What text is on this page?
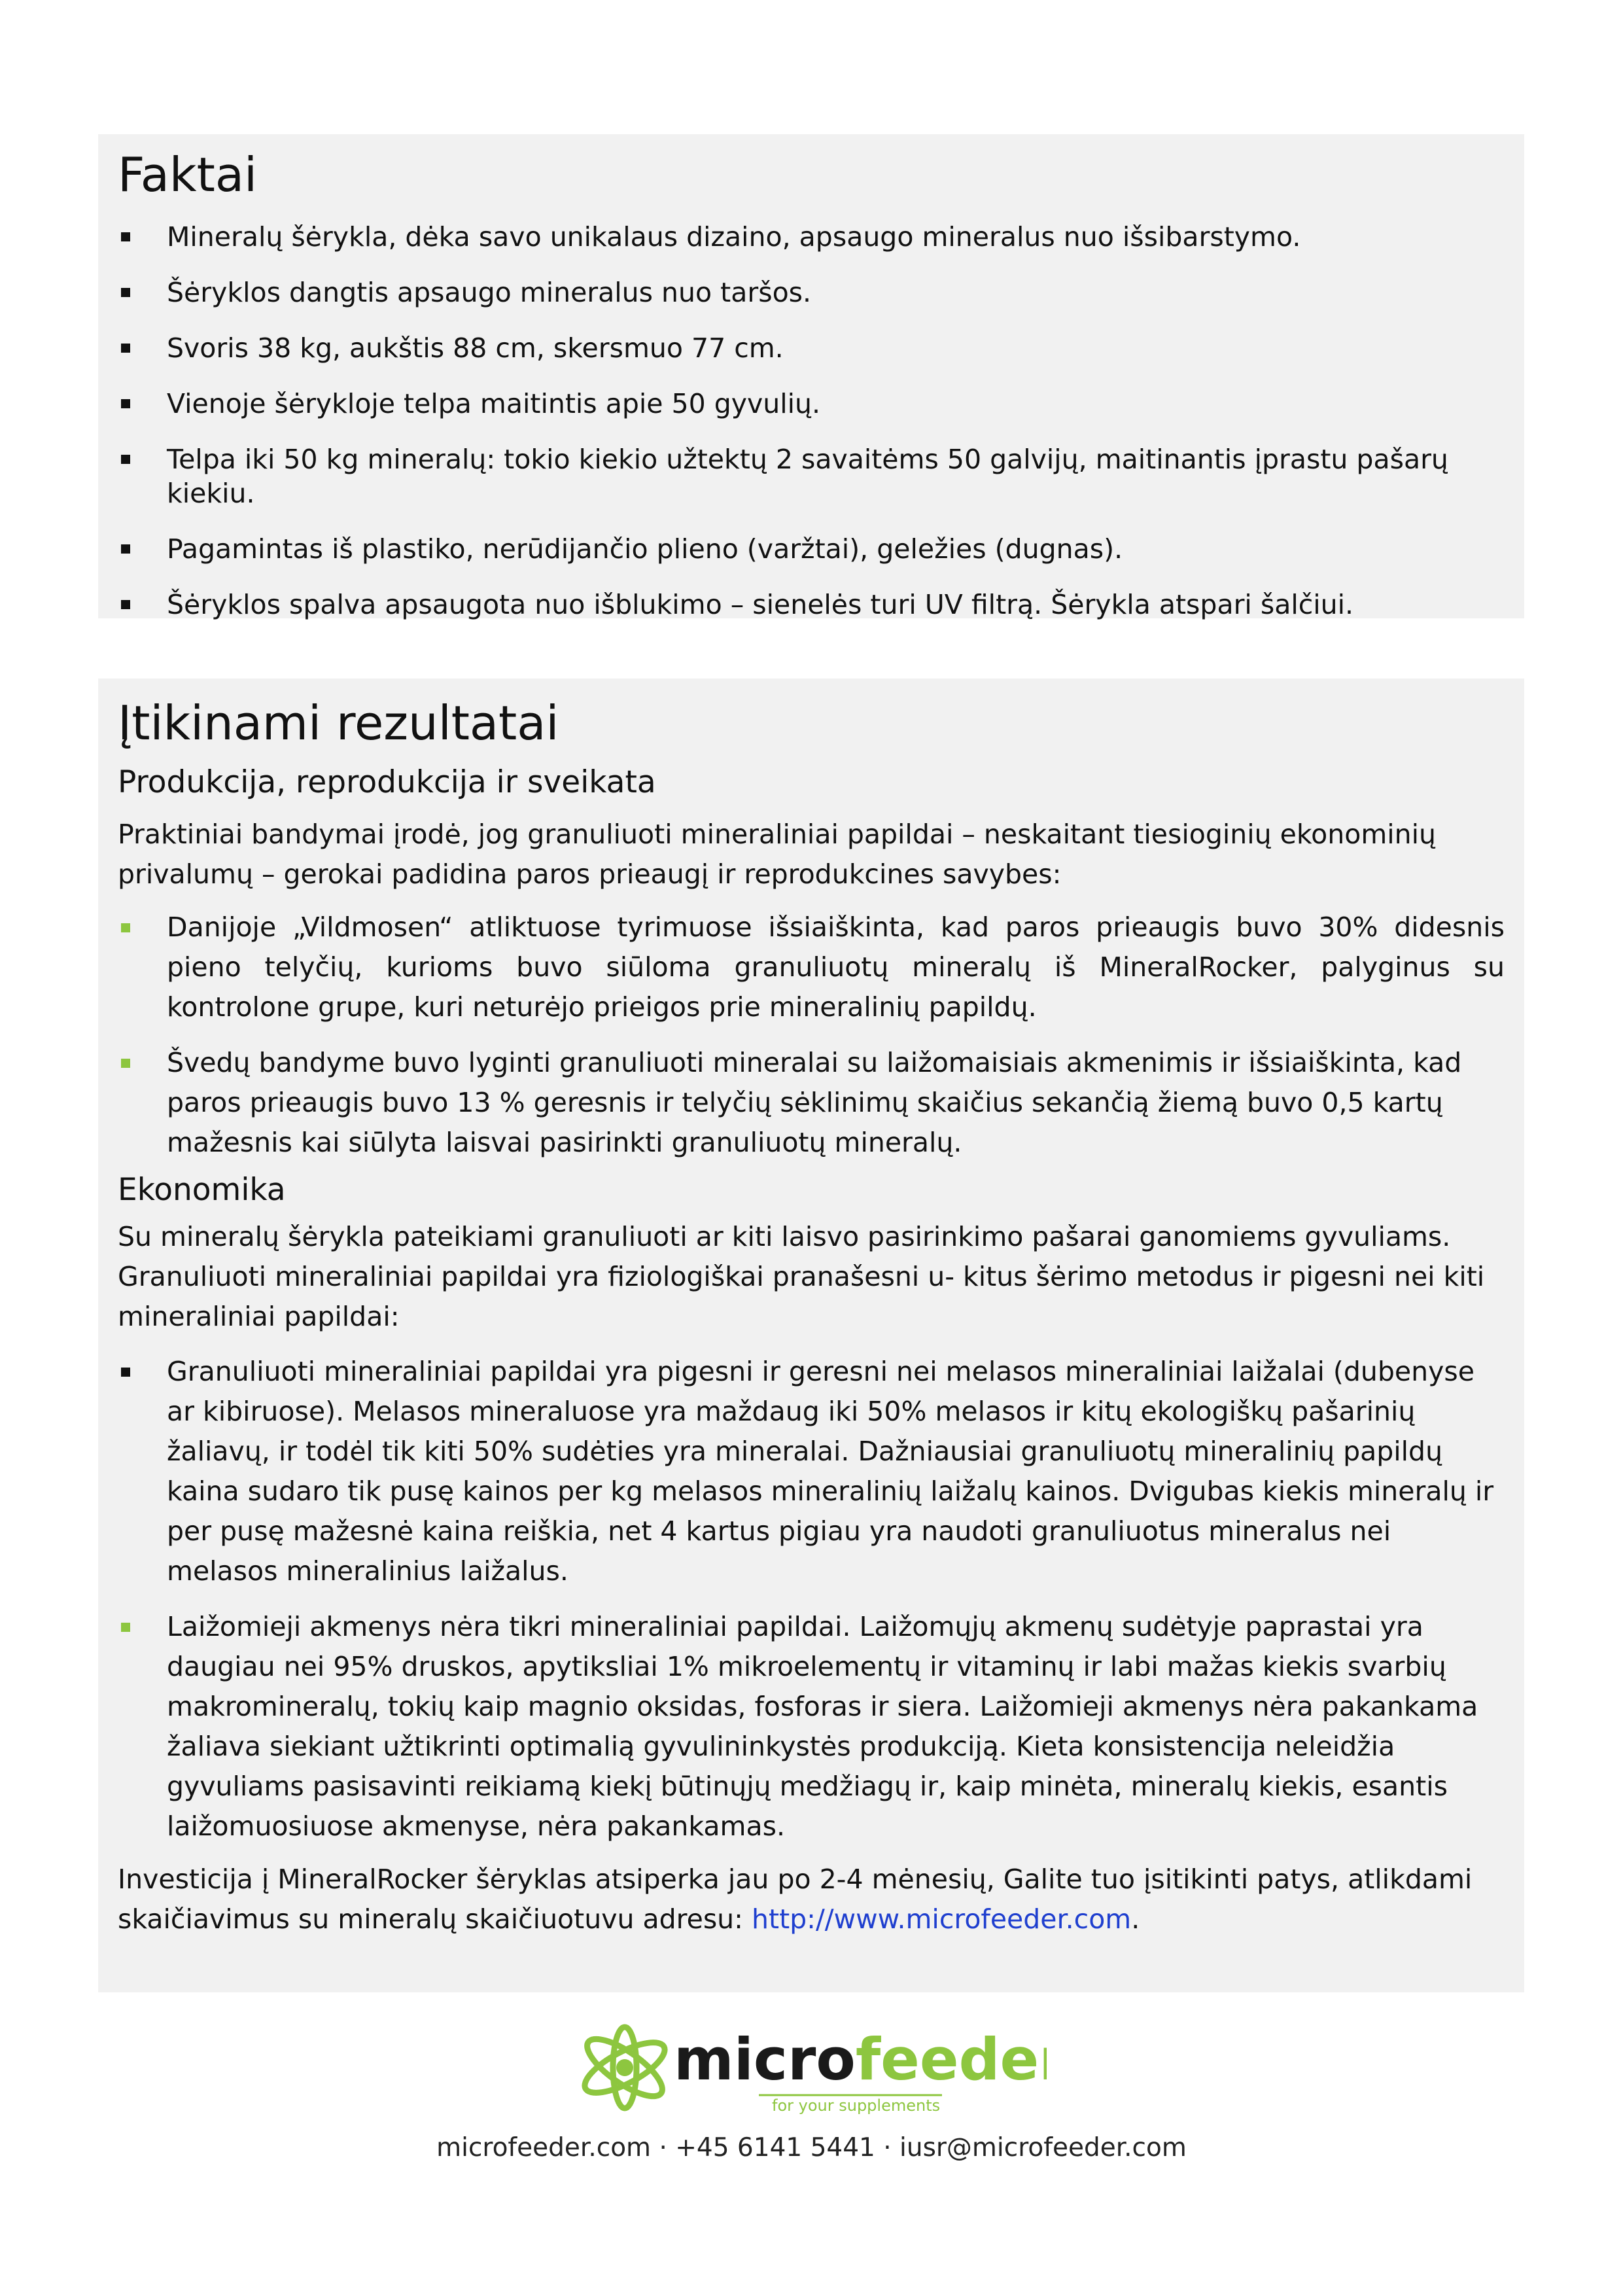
Faktai
Mineralų šėrykla, dėka savo unikalaus dizaino, apsaugo mineralus nuo išsibarstymo.
Šėryklos dangtis apsaugo mineralus nuo taršos.
Svoris 38 kg, aukštis 88 cm, skersmuo 77 cm.
Vienoje šėrykloje telpa maitintis apie 50 gyvulių.
Telpa iki 50 kg mineralų: tokio kiekio užtektų 2 savaitėms 50 galvijų, maitinantis įprastu pašarų kiekiu.
Pagamintas iš plastiko, nerūdijančio plieno (varžtai), geležies (dugnas).
Šėryklos spalva apsaugota nuo išblukimo – sienelės turi UV filtrą. Šėrykla atspari šalčiui.
Įtikinami rezultatai
Produkcija, reprodukcija ir sveikata

Praktiniai bandymai įrodė, jog granuliuoti mineraliniai papildai – neskaitant tiesioginių ekonominių privalumų – gerokai padidina paros prieaugį ir reprodukcines savybes:

Danijoje „Vildmosen“ atliktuose tyrimuose išsiaiškinta, kad paros prieaugis buvo 30% didesnis pieno telyčių, kurioms buvo siūloma granuliuotų mineralų iš MineralRocker, palyginus su kontrolone grupe, kuri neturėjo prieigos prie mineralinių papildų.
Švedų bandyme buvo lyginti granuliuoti mineralai su laižomaisiais akmenimis ir išsiaiškinta, kad paros prieaugis buvo 13 % geresnis ir telyčių sėklinimų skaičius sekančią žiemą buvo 0,5 kartų mažesnis kai siūlyta laisvai pasirinkti granuliuotų mineralų.
Ekonomika

Su mineralų šėrykla pateikiami granuliuoti ar kiti laisvo pasirinkimo pašarai ganomiems gyvuliams. Granuliuoti mineraliniai papildai yra fiziologiškai pranašesni u- kitus šėrimo metodus ir pigesni nei kiti mineraliniai papildai:

Granuliuoti mineraliniai papildai yra pigesni ir geresni nei melasos mineraliniai laižalai (dubenyse ar kibiruose). Melasos mineraluose yra maždaug iki 50% melasos ir kitų ekologiškų pašarinių žaliavų, ir todėl tik kiti 50% sudėties yra mineralai. Dažniausiai granuliuotų mineralinių papildų kaina sudaro tik pusę kainos per kg melasos mineralinių laižalų kainos. Dvigubas kiekis mineralų ir per pusę mažesnė kaina reiškia, net 4 kartus pigiau yra naudoti granuliuotus mineralus nei melasos mineralinius laižalus.
Laižomieji akmenys nėra tikri mineraliniai papildai. Laižomųjų akmenų sudėtyje paprastai yra daugiau nei 95% druskos, apytiksliai 1% mikroelementų ir vitaminų ir labi mažas kiekis svarbių makromineralų, tokių kaip magnio oksidas, fosforas ir siera. Laižomieji akmenys nėra pakankama žaliava siekiant užtikrinti optimalią gyvulininkystės produkciją. Kieta konsistencija neleidžia gyvuliams pasisavinti reikiamą kiekį būtinųjų medžiagų ir, kaip minėta, mineralų kiekis, esantis laižomuosiuose akmenyse, nėra pakankamas.

Investicija į MineralRocker šėryklas atsiperka jau po 2-4 mėnesių, Galite tuo įsitikinti patys, atlikdami skaičiavimus su mineralų skaičiuotuvu adresu: http://www.microfeeder.com.

microfeeder
for your supplements
microfeeder.com · +45 6141 5441 · iusr@microfeeder.com
